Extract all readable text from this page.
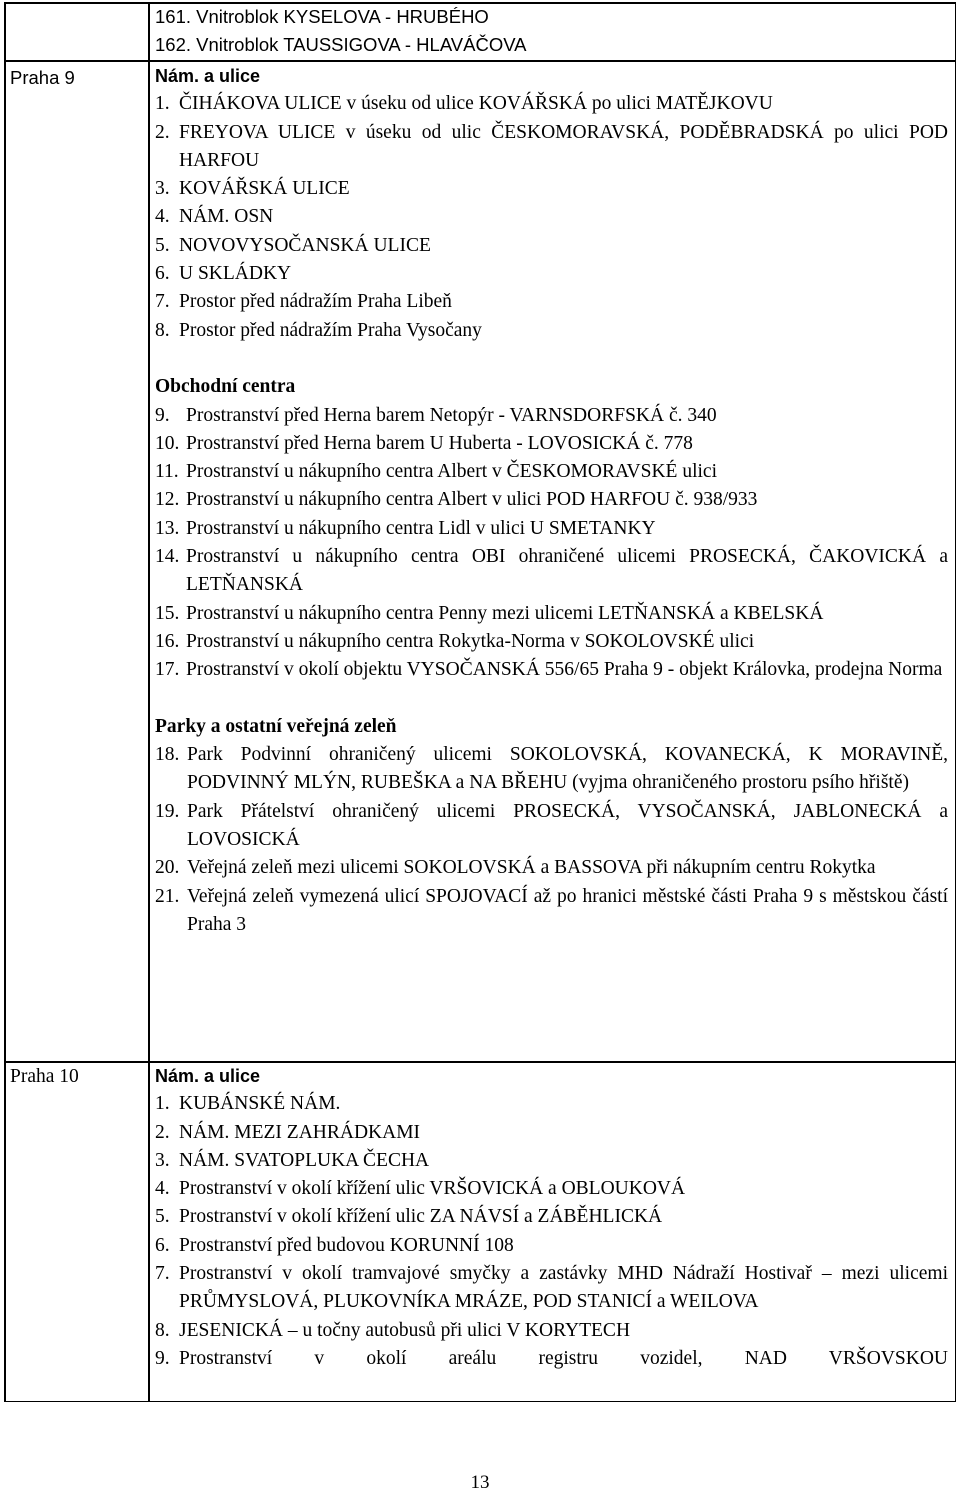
161. Vnitroblok KYSELOVA - HRUBÉHO
162. Vnitroblok TAUSSIGOVA - HLAVÁČOVA
Praha 9	Nám. a ulice
1. ČIHÁKOVA ULICE v úseku od ulice KOVÁŘSKÁ po ulici MATĚJKOVU
2. FREYOVA ULICE v úseku od ulic ČESKOMORAVSKÁ, PODĚBRADSKÁ po ulici POD HARFOU
3. KOVÁŘSKÁ ULICE
4. NÁM. OSN
5. NOVOVYSOČANSKÁ ULICE
6. U SKLÁDKY
7. Prostor před nádražím Praha Libeň
8. Prostor před nádražím Praha Vysočany
Obchodní centra
9. Prostranství před Herna barem Netopýr - VARNSDORFSKÁ č. 340
10. Prostranství před Herna barem U Huberta - LOVOSICKÁ č. 778
11. Prostranství u nákupního centra Albert v ČESKOMORAVSKÉ ulici
12. Prostranství u nákupního centra Albert v ulici POD HARFOU č. 938/933
13. Prostranství u nákupního centra Lidl v ulici U SMETANKY
14. Prostranství u nákupního centra OBI ohraničené ulicemi PROSECKÁ, ČAKOVICKÁ a LETŇANSKÁ
15. Prostranství u nákupního centra Penny mezi ulicemi LETŇANSKÁ a KBELSKÁ
16. Prostranství u nákupního centra Rokytka-Norma v SOKOLOVSKÉ ulici
17. Prostranství v okolí objektu VYSOČANSKÁ 556/65 Praha 9 - objekt Královka, prodejna Norma
Parky a ostatní veřejná zeleň
18. Park Podvinní ohraničený ulicemi SOKOLOVSKÁ, KOVANECKÁ, K MORAVINĚ, PODVINNÝ MLÝN, RUBEŠKA a NA BŘEHU (vyjma ohraničeného prostoru psího hřiště)
19. Park Přátelství ohraničený ulicemi PROSECKÁ, VYSOČANSKÁ, JABLONECKÁ a LOVOSICKÁ
20. Veřejná zeleň mezi ulicemi SOKOLOVSKÁ a BASSOVA při nákupním centru Rokytka
21. Veřejná zeleň vymezená ulicí SPOJOVACÍ až po hranici městské části Praha 9 s městskou částí Praha 3
Praha 10	Nám. a ulice
1. KUBÁNSKÉ NÁM.
2. NÁM. MEZI ZAHRÁDKAMI
3. NÁM. SVATOPLUKA ČECHA
4. Prostranství v okolí křížení ulic VRŠOVICKÁ a OBLOUKOVÁ
5. Prostranství v okolí křížení ulic ZA NÁVSÍ a ZÁBĚHLICKÁ
6. Prostranství před budovou KORUNNÍ 108
7. Prostranství v okolí tramvajové smyčky a zastávky MHD Nádraží Hostivař – mezi ulicemi PRŮMYSLOVÁ, PLUKOVNÍKA MRÁZE, POD STANICÍ a WEILOVA
8. JESENICKÁ – u točny autobusů při ulici V KORYTECH
9. Prostranství v okolí areálu registru vozidel, NAD VRŠOVSKOU
13
